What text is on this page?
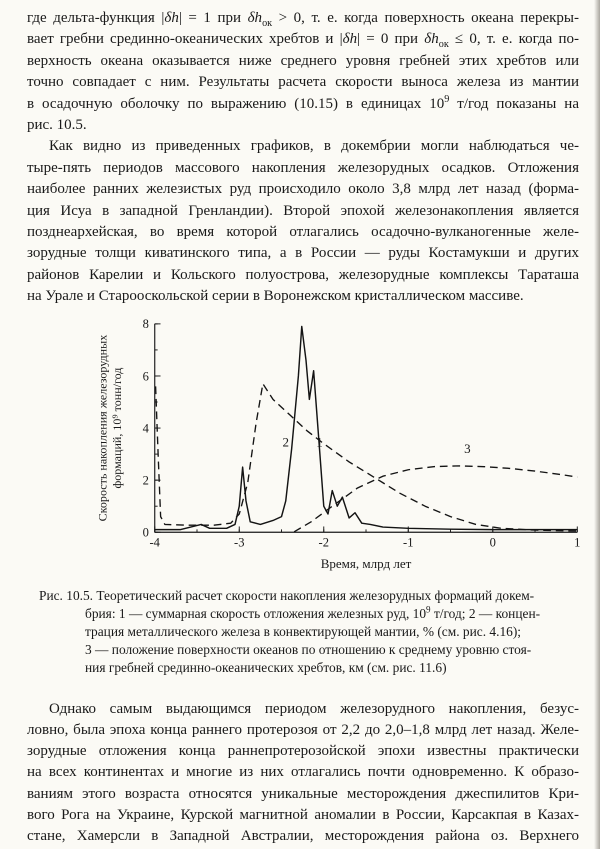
где дельта-функция |δh| = 1 при $\delta h_{ок} > 0$, т. е. когда поверхность океана перекры-
вает гребни срединно-океанических хребтов и |δh| = 0 при $\delta h_{ок} \le 0$, т. е. когда по-
верхность океана оказывается ниже среднего уровня гребней этих хребтов или
точно совпадает с ним. Результаты расчета скорости выноса железа из мантии
в осадочную оболочку по выражению (10.15) в единицах $10^9$ т/год показаны на
рис. 10.5.
Как видно из приведенных графиков, в докембрии могли наблюдаться че-
тыре-пять периодов массового накопления железорудных осадков. Отложения
наиболее ранних железистых руд происходило около 3,8 млрд лет назад (форма-
ция Исуа в западной Гренландии). Второй эпохой железонакопления является
позднеархейская, во время которой отлагались осадочно-вулканогенные желе-
зорудные толщи киватинского типа, а в России — руды Костамукши и других
районов Карелии и Кольского полуострова, железорудные комплексы Тараташа
на Урале и Старооскольской серии в Воронежском кристаллическом массиве.
-4	-3	-2	-1	0	1
0
2
4
6
8
2 1	3
Время, млрд лет
Скорость накопления железорудных формаций, 10⁹ тонн/год
Рис. 10.5. Теоретический расчет скорости накопления железорудных формаций докем-
брия: 1 — суммарная скорость отложения железных руд, $10^9$ т/год; 2 — концен-
трация металлического железа в конвектирующей мантии, % (см. рис. 4.16);
3 — положение поверхности океанов по отношению к среднему уровню стоя-
ния гребней срединно-океанических хребтов, км (см. рис. 11.6)
Однако самым выдающимся периодом железорудного накопления, безус-
ловно, была эпоха конца раннего протерозоя от 2,2 до 2,0–1,8 млрд лет назад. Желе-
зорудные отложения конца раннепротерозойской эпохи известны практически
на всех континентах и многие из них отлагались почти одновременно. К образо-
ваниям этого возраста относятся уникальные месторождения джеспилитов Кри-
вого Рога на Украине, Курской магнитной аномалии в России, Карсакпая в Казах-
стане, Хамерсли в Западной Австралии, месторождения района оз. Верхнего
